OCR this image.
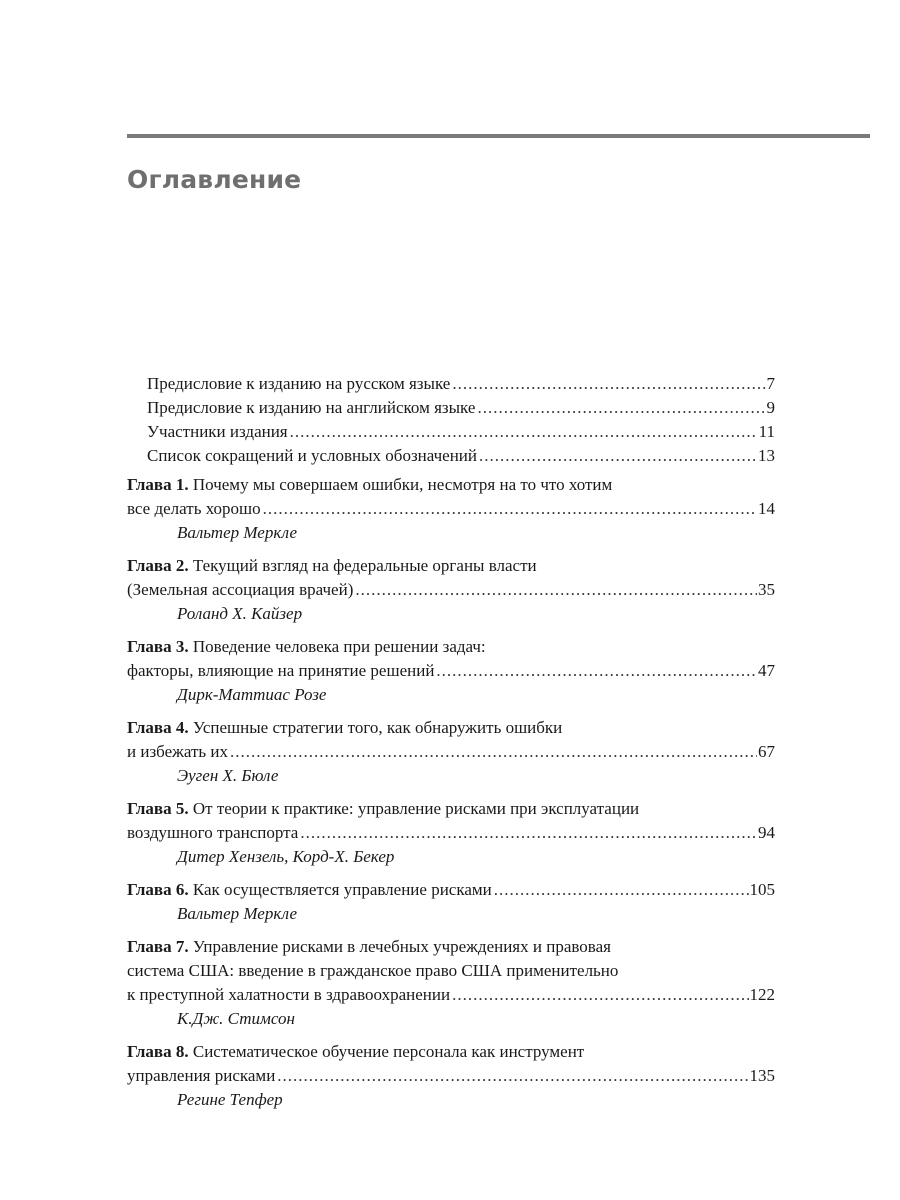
Оглавление
Предисловие к изданию на русском языке .....	7
Предисловие к изданию на английском языке .....	9
Участники издания .....	11
Список сокращений и условных обозначений .....	13
Глава 1.
Почему мы совершаем ошибки, несмотря на то что хотим
все делать хорошо .....	14
Вальтер Меркле
Глава 2.
Текущий взгляд на федеральные органы власти
(Земельная ассоциация врачей) .....	35
Роланд Х. Кайзер
Глава 3.
Поведение человека при решении задач:
факторы, влияющие на принятие решений .....	47
Дирк-Маттиас Розе
Глава 4.
Успешные стратегии того, как обнаружить ошибки
и избежать их .....	67
Эуген Х. Бюле
Глава 5.
От теории к практике: управление рисками при эксплуатации
воздушного транспорта .....	94
Дитер Хензель, Корд-Х. Бекер
Глава 6.
Как осуществляется управление рисками .....	105
Вальтер Меркле
Глава 7.
Управление рисками в лечебных учреждениях и правовая
система США: введение в гражданское право США применительно
к преступной халатности в здравоохранении .....	122
К.Дж. Стимсон
Глава 8.
Систематическое обучение персонала как инструмент
управления рисками .....	135
Регине Тепфер
